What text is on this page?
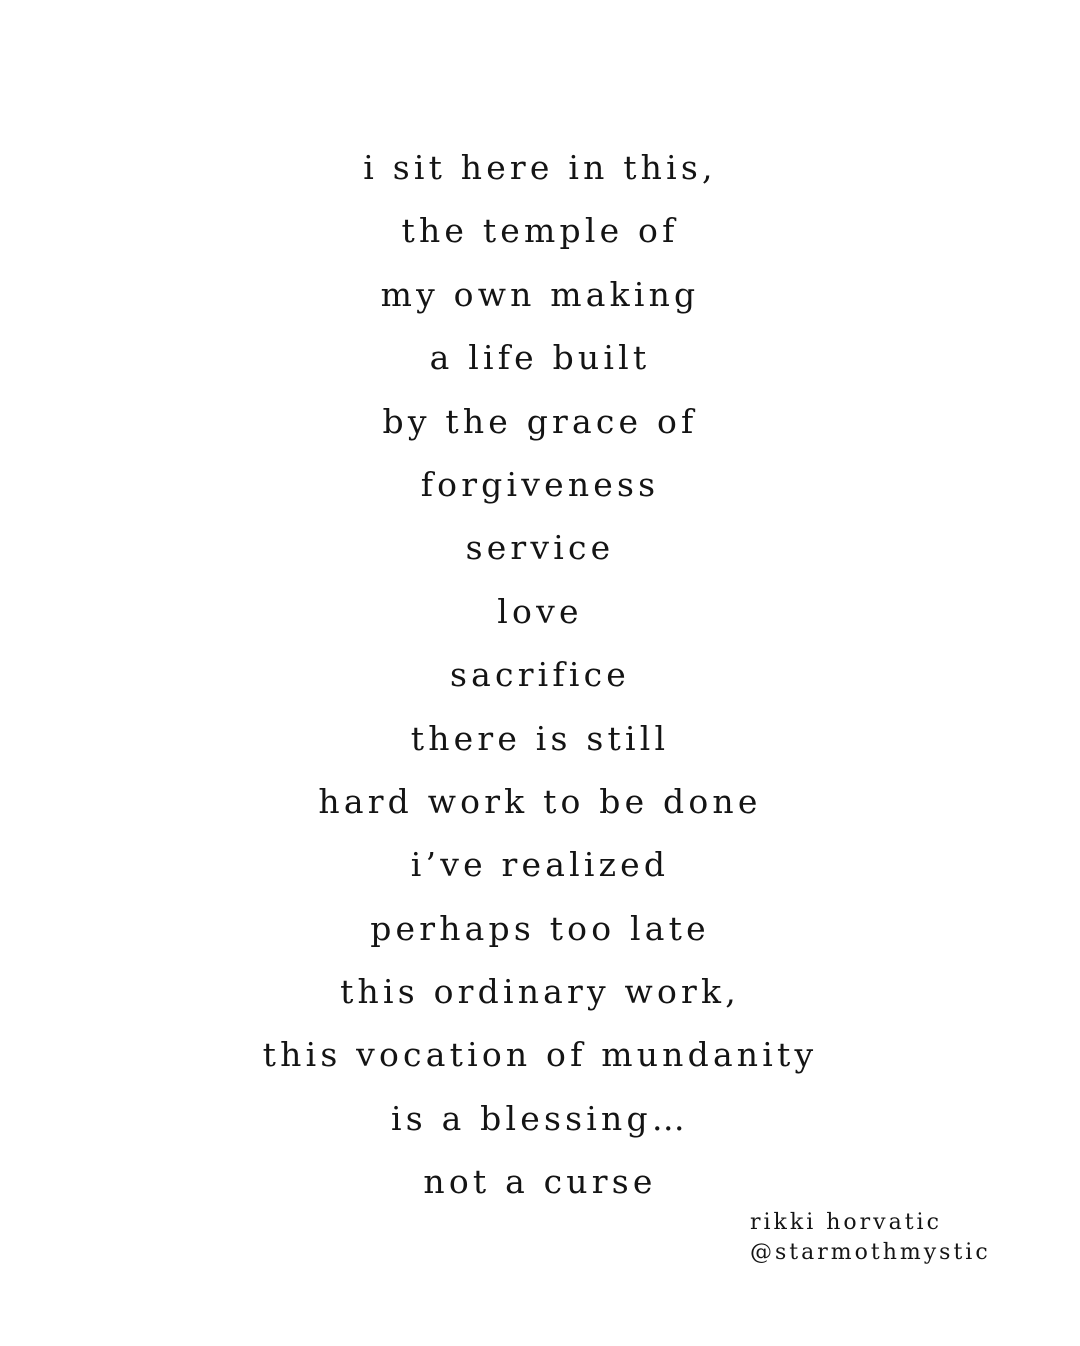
i sit here in this,
the temple of
my own making
a life built
by the grace of
forgiveness
service
love
sacrifice
there is still
hard work to be done
i’ve realized
perhaps too late
this ordinary work,
this vocation of mundanity
is a blessing…
not a curse
rikki horvatic
@starmothmystic
